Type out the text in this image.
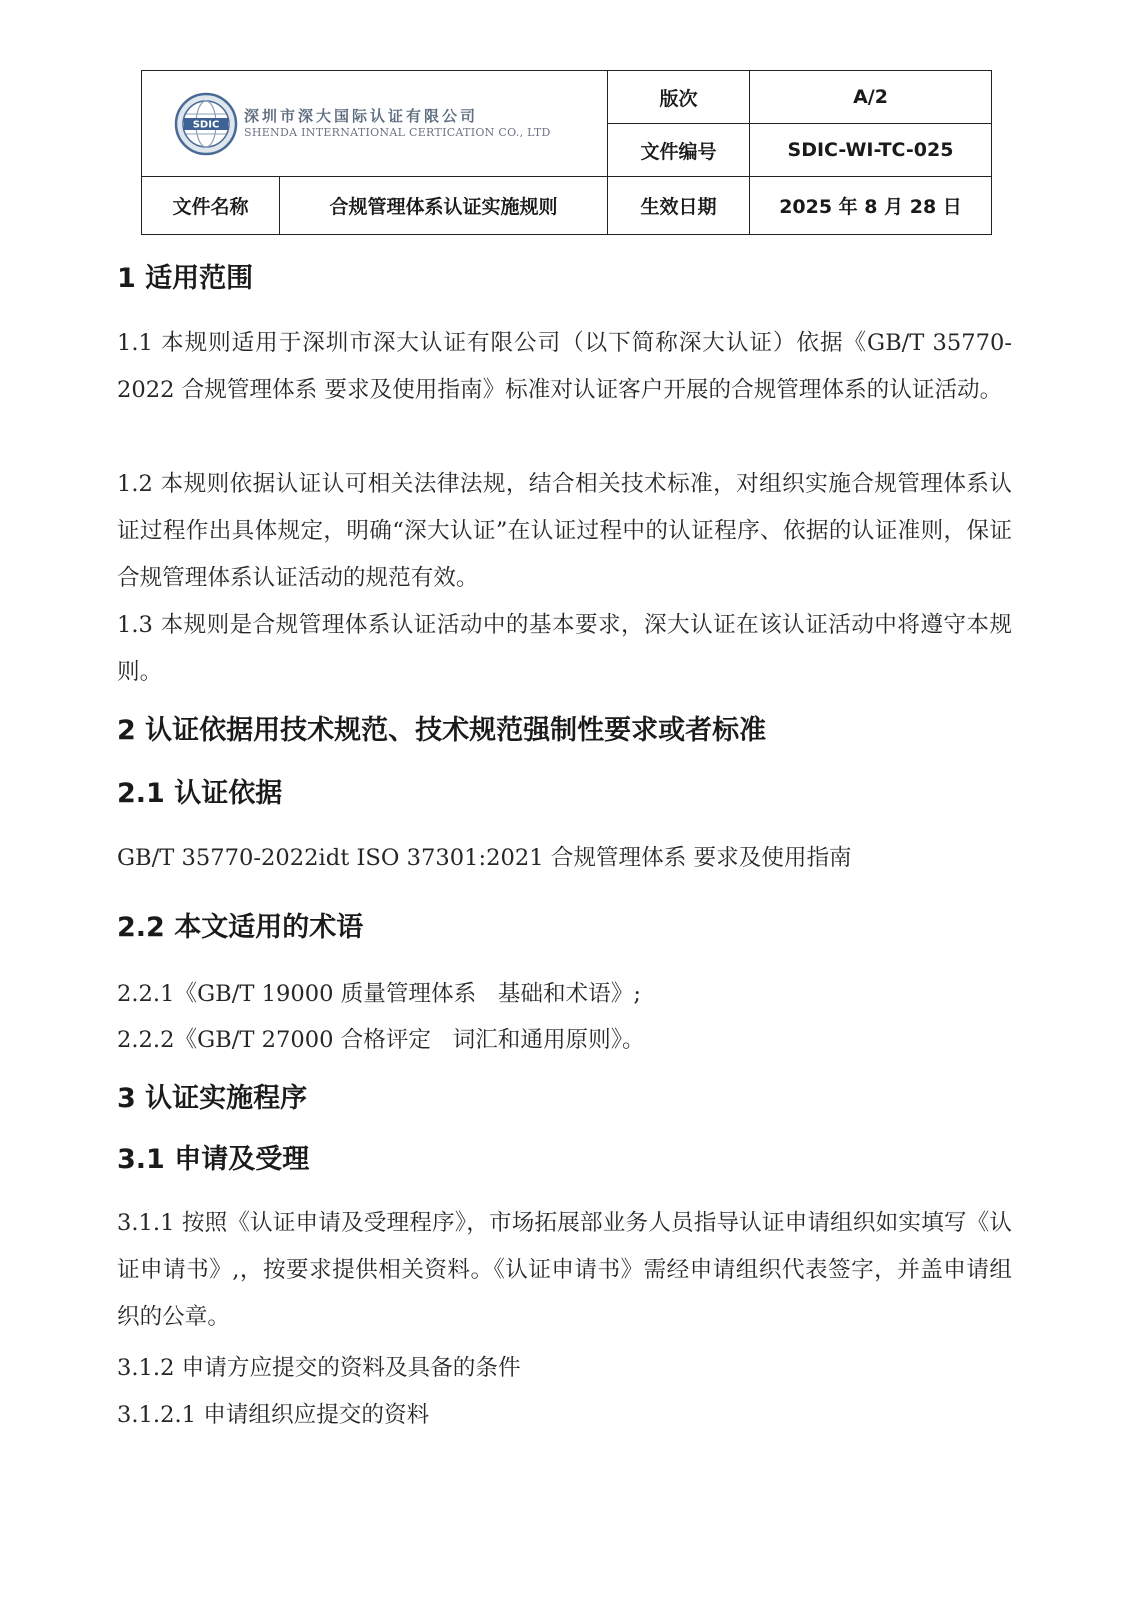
SDIC 深圳市深大国际认证有限公司
SHENDA INTERNATIONAL CERTICATION CO., LTD		版次	A/2
		文件编号	SDIC-WI-TC-025
文件名称	合规管理体系认证实施规则	生效日期	2025 年 8 月 28 日
1 适用范围
1.1 本规则适用于深圳市深大认证有限公司（以下简称深大认证）依据《GB/T 35770-2022 合规管理体系 要求及使用指南》标准对认证客户开展的合规管理体系的认证活动。
1.2 本规则依据认证认可相关法律法规，结合相关技术标准，对组织实施合规管理体系认证过程作出具体规定，明确“深大认证”在认证过程中的认证程序、依据的认证准则，保证合规管理体系认证活动的规范有效。
1.3 本规则是合规管理体系认证活动中的基本要求，深大认证在该认证活动中将遵守本规则。
2 认证依据用技术规范、技术规范强制性要求或者标准
2.1 认证依据
GB/T 35770-2022idt ISO 37301:2021 合规管理体系 要求及使用指南
2.2 本文适用的术语
2.2.1《GB/T 19000 质量管理体系   基础和术语》;
2.2.2《GB/T 27000 合格评定   词汇和通用原则》。
3 认证实施程序
3.1 申请及受理
3.1.1 按照《认证申请及受理程序》，市场拓展部业务人员指导认证申请组织如实填写《认证申请书》,，按要求提供相关资料。《认证申请书》需经申请组织代表签字，并盖申请组织的公章。
3.1.2 申请方应提交的资料及具备的条件
3.1.2.1 申请组织应提交的资料
